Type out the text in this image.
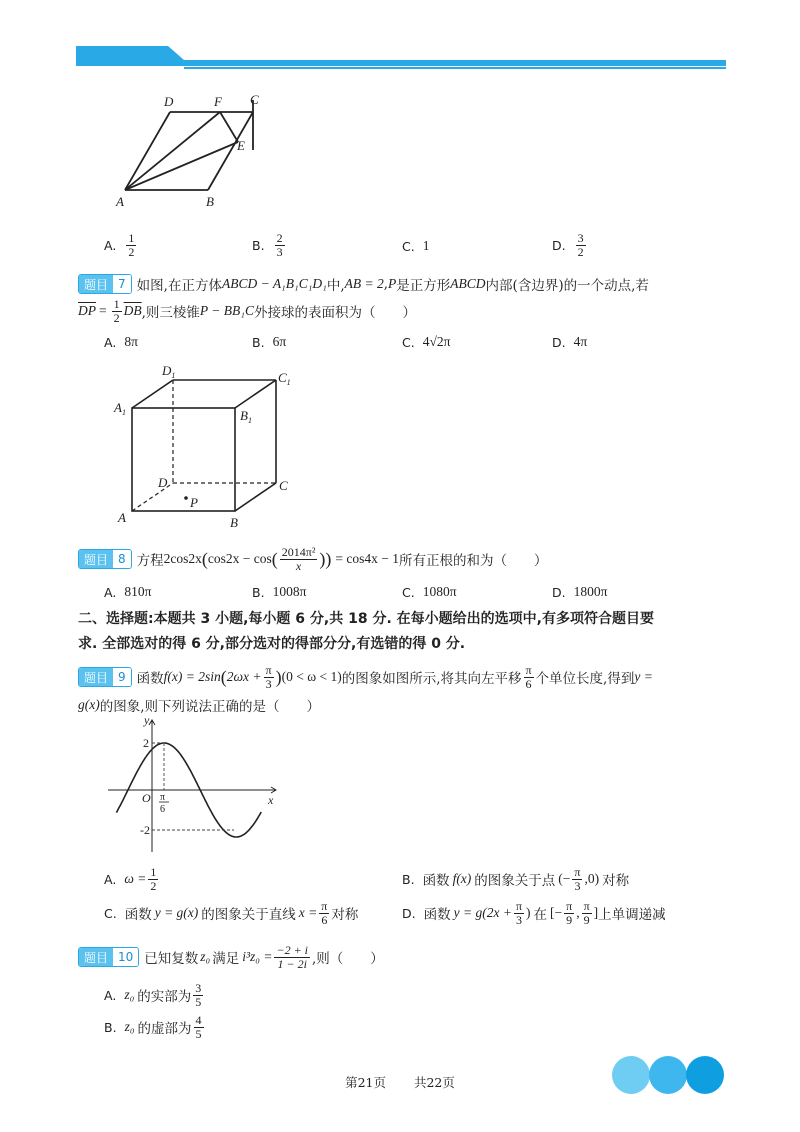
D	F C
E
A	B
A. $\frac{1}{2}$	B. $\frac{2}{3}$	C. 1	D. $\frac{3}{2}$
题目 7 如图,在正方体 ABCD − A₁B₁C₁D₁ 中, AB = 2 , P 是正方形 ABCD 内部(含边界)的一个动点,若
$\overline{DP} = \frac{1}{2} \overline{DB}$ ,则三棱锥 P − BB₁C 外接球的表面积为（　　）
A. 8π	B. 6π	C. 4√2π	D. 4π
$D_1$	$C_1$
$A_1$	$B_1$
D	C
A	B
P
题目 8 方程 2cos2x ( cos2x − cos ( $\frac{\text{2014π²}}{x}$ )) = cos4x − 1 所有正根的和为（　　）
A. 810π	B. 1008π	C. 1080π	D. 1800π
二、选择题:本题共 3 小题,每小题 6 分,共 18 分. 在每小题给出的选项中,有多项符合题目要
求. 全部选对的得 6 分,部分选对的得部分分,有选错的得 0 分.
题目 9 函数 f(x) = 2sin ( $2\omega x + \frac{\pi}{3}$ ) (0 < ω < 1) 的图象如图所示,将其向左平移 $\frac{\pi}{6}$ 个单位长度,得到 y =
g(x) 的图象,则下列说法正确的是（　　）
y
x
O
2
-2
π
6
A. $\omega = \frac{1}{2}$	B. 函数 f(x) 的图象关于点 (− $\frac{\pi}{3} ,0$) 对称
C. 函数 y = g(x) 的图象关于直线 $x = \frac{\pi}{6}$ 对称	D. 函数 y = g ($2x + \frac{\pi}{3}$ ) 在 [− $\frac{\pi}{9}$ , $\frac{\pi}{9}$ ] 上单调递减
题目 10 已知复数 z₀ 满足 $i^3z_0 = \frac{-2 + i}{1 - 2i}$ ,则（　　）
A. z₀ 的实部为 $\frac{3}{5}$
B. z₀ 的虚部为 $\frac{4}{5}$
第21页 共22页
